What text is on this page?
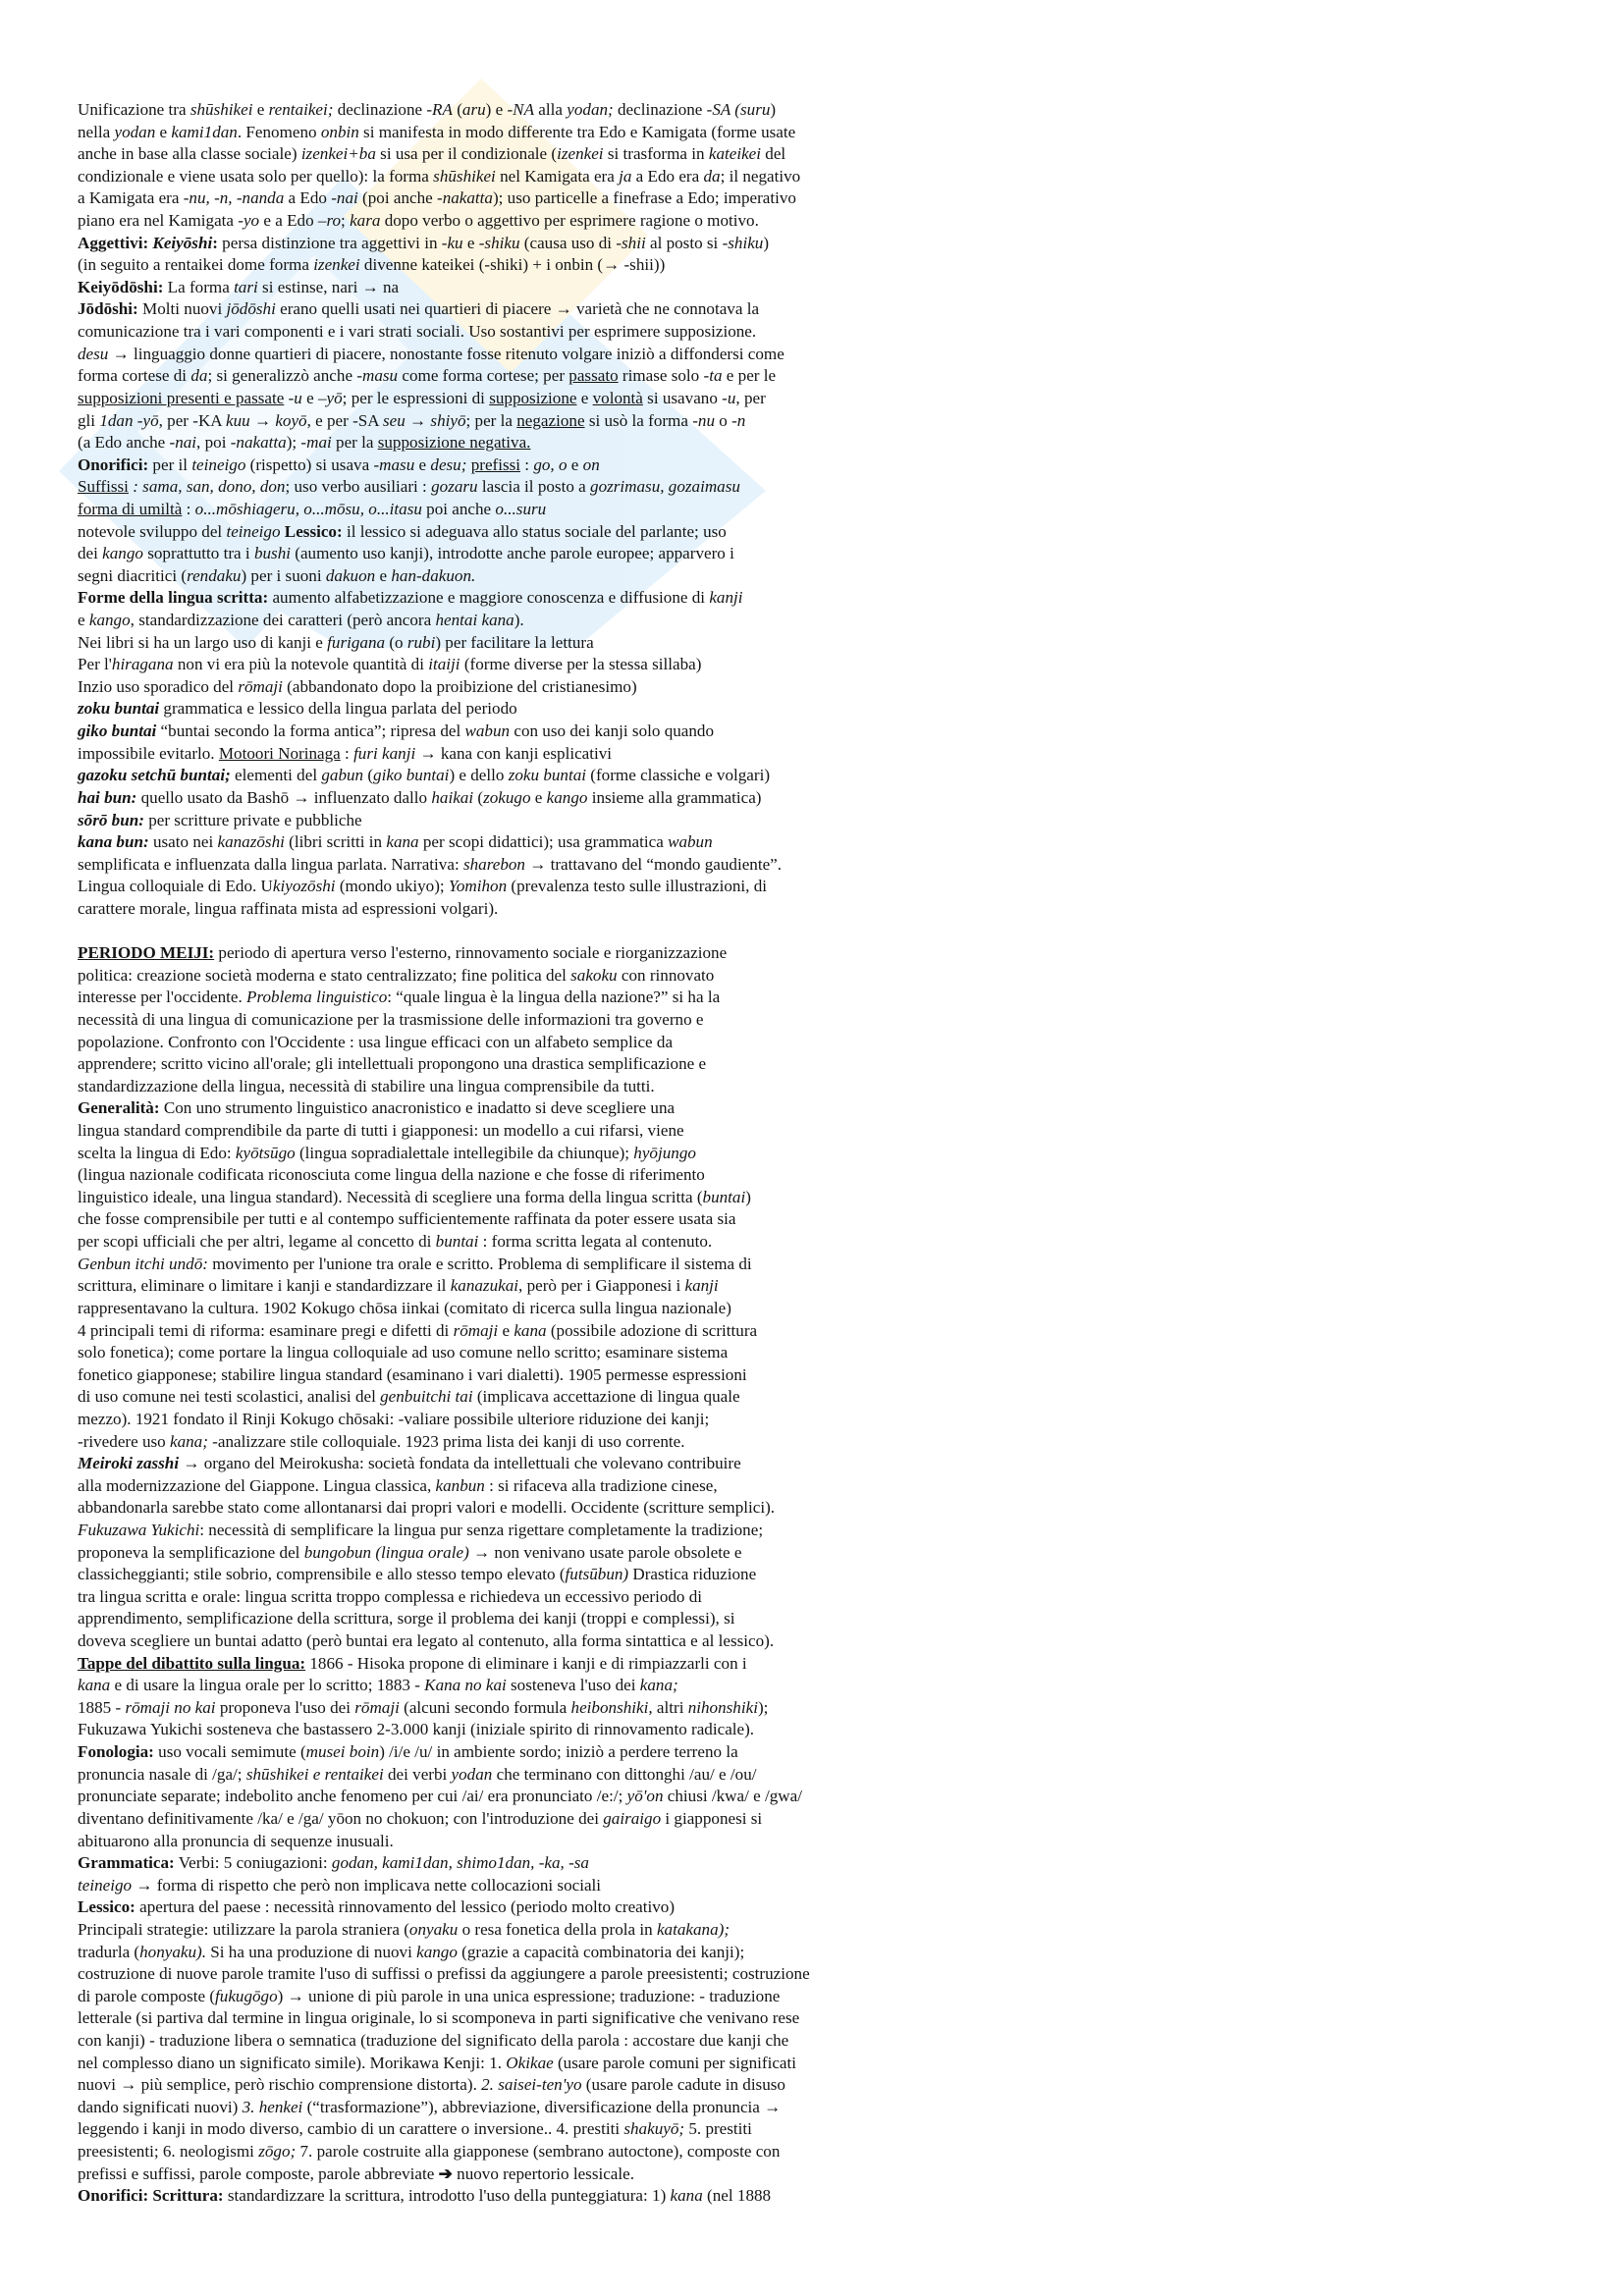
Unificazione tra shūshikei e rentaikei; declinazione -RA (aru) e -NA alla yodan; declinazione -SA (suru)
nella yodan e kami1dan. Fenomeno onbin si manifesta in modo differente tra Edo e Kamigata (forme usate
anche in base alla classe sociale) izenkei+ba si usa per il condizionale (izenkei si trasforma in kateikei del
condizionale e viene usata solo per quello): la forma shūshikei nel Kamigata era ja a Edo era da; il negativo
a Kamigata era -nu, -n, -nanda a Edo -nai (poi anche -nakatta); uso particelle a finefrase a Edo; imperativo
piano era nel Kamigata -yo e a Edo –ro; kara dopo verbo o aggettivo per esprimere ragione o motivo.
Aggettivi: Keiyōshi: persa distinzione tra aggettivi in -ku e -shiku (causa uso di -shii al posto si -shiku)
(in seguito a rentaikei dome forma izenkei divenne kateikei (-shiki) + i onbin (→ -shii))
Keiyōdōshi: La forma tari si estinse, nari → na
Jōdōshi: Molti nuovi jōdōshi erano quelli usati nei quartieri di piacere → varietà che ne connotava la
comunicazione tra i vari componenti e i vari strati sociali. Uso sostantivi per esprimere supposizione.
desu → linguaggio donne quartieri di piacere, nonostante fosse ritenuto volgare iniziò a diffondersi come
forma cortese di da; si generalizzò anche -masu come forma cortese; per passato rimase solo -ta e per le
supposizioni presenti e passate -u e –yō; per le espressioni di supposizione e volontà si usavano -u, per
gli 1dan -yō, per -KA kuu → koyō, e per -SA seu → shiyō; per la negazione si usò la forma -nu o -n
(a Edo anche -nai, poi -nakatta); -mai per la supposizione negativa.
Onorifici: per il teineigo (rispetto) si usava -masu e desu; prefissi : go, o e on
Suffissi : sama, san, dono, don; uso verbo ausiliari : gozaru lascia il posto a gozrimasu, gozaimasu
forma di umiltà : o...mōshiageru, o...mōsu, o...itasu poi anche o...suru
notevole sviluppo del teineigo Lessico: il lessico si adeguava allo status sociale del parlante; uso
dei kango soprattutto tra i bushi (aumento uso kanji), introdotte anche parole europee; apparvero i
segni diacritici (rendaku) per i suoni dakuon e han-dakuon.
Forme della lingua scritta: aumento alfabetizzazione e maggiore conoscenza e diffusione di kanji
e kango, standardizzazione dei caratteri (però ancora hentai kana).
Nei libri si ha un largo uso di kanji e furigana (o rubi) per facilitare la lettura
Per l'hiragana non vi era più la notevole quantità di itaiji (forme diverse per la stessa sillaba)
Inzio uso sporadico del rōmaji (abbandonato dopo la proibizione del cristianesimo)
zoku buntai grammatica e lessico della lingua parlata del periodo
giko buntai “buntai secondo la forma antica”; ripresa del wabun con uso dei kanji solo quando
impossibile evitarlo. Motoori Norinaga : furi kanji → kana con kanji esplicativi
gazoku setchū buntai; elementi del gabun (giko buntai) e dello zoku buntai (forme classiche e volgari)
hai bun: quello usato da Bashō → influenzato dallo haikai (zokugo e kango insieme alla grammatica)
sōrō bun: per scritture private e pubbliche
kana bun: usato nei kanazōshi (libri scritti in kana per scopi didattici); usa grammatica wabun
semplificata e influenzata dalla lingua parlata. Narrativa: sharebon → trattavano del “mondo gaudiente”.
Lingua colloquiale di Edo. Ukiyozōshi (mondo ukiyo); Yomihon (prevalenza testo sulle illustrazioni, di
carattere morale, lingua raffinata mista ad espressioni volgari).
PERIODO MEIJI: periodo di apertura verso l'esterno, rinnovamento sociale e riorganizzazione
politica: creazione società moderna e stato centralizzato; fine politica del sakoku con rinnovato
interesse per l'occidente. Problema linguistico: “quale lingua è la lingua della nazione?” si ha la
necessità di una lingua di comunicazione per la trasmissione delle informazioni tra governo e
popolazione. Confronto con l'Occidente : usa lingue efficaci con un alfabeto semplice da
apprendere; scritto vicino all'orale; gli intellettuali propongono una drastica semplificazione e
standardizzazione della lingua, necessità di stabilire una lingua comprensibile da tutti.
Generalità: Con uno strumento linguistico anacronistico e inadatto si deve scegliere una
lingua standard comprendibile da parte di tutti i giapponesi: un modello a cui rifarsi, viene
scelta la lingua di Edo: kyōtsūgo (lingua sopradialettale intellegibile da chiunque); hyōjungo
(lingua nazionale codificata riconosciuta come lingua della nazione e che fosse di riferimento
linguistico ideale, una lingua standard). Necessità di scegliere una forma della lingua scritta (buntai)
che fosse comprensibile per tutti e al contempo sufficientemente raffinata da poter essere usata sia
per scopi ufficiali che per altri, legame al concetto di buntai : forma scritta legata al contenuto.
Genbun itchi undō: movimento per l'unione tra orale e scritto. Problema di semplificare il sistema di
scrittura, eliminare o limitare i kanji e standardizzare il kanazukai, però per i Giapponesi i kanji
rappresentavano la cultura. 1902 Kokugo chōsa iinkai (comitato di ricerca sulla lingua nazionale)
4 principali temi di riforma: esaminare pregi e difetti di rōmaji e kana (possibile adozione di scrittura
solo fonetica); come portare la lingua colloquiale ad uso comune nello scritto; esaminare sistema
fonetico giapponese; stabilire lingua standard (esaminano i vari dialetti). 1905 permesse espressioni
di uso comune nei testi scolastici, analisi del genbuitchi tai (implicava accettazione di lingua quale
mezzo). 1921 fondato il Rinji Kokugo chōsaki: -valiare possibile ulteriore riduzione dei kanji;
-rivedere uso kana; -analizzare stile colloquiale. 1923 prima lista dei kanji di uso corrente.
Meiroki zasshi → organo del Meirokusha: società fondata da intellettuali che volevano contribuire
alla modernizzazione del Giappone. Lingua classica, kanbun : si rifaceva alla tradizione cinese,
abbandonarla sarebbe stato come allontanarsi dai propri valori e modelli. Occidente (scritture semplici).
Fukuzawa Yukichi: necessità di semplificare la lingua pur senza rigettare completamente la tradizione;
proponeva la semplificazione del bungobun (lingua orale) → non venivano usate parole obsolete e
classicheggianti; stile sobrio, comprensibile e allo stesso tempo elevato (futsūbun) Drastica riduzione
tra lingua scritta e orale: lingua scritta troppo complessa e richiedeva un eccessivo periodo di
apprendimento, semplificazione della scrittura, sorge il problema dei kanji (troppi e complessi), si
doveva scegliere un buntai adatto (però buntai era legato al contenuto, alla forma sintattica e al lessico).
Tappe del dibattito sulla lingua: 1866 - Hisoka propone di eliminare i kanji e di rimpiazzarli con i
kana e di usare la lingua orale per lo scritto; 1883 - Kana no kai sosteneva l'uso dei kana;
1885 - rōmaji no kai proponeva l'uso dei rōmaji (alcuni secondo formula heibonshiki, altri nihonshiki);
Fukuzawa Yukichi sosteneva che bastassero 2-3.000 kanji (iniziale spirito di rinnovamento radicale).
Fonologia: uso vocali semimute (musei boin) /i/e /u/ in ambiente sordo; iniziò a perdere terreno la
pronuncia nasale di /ga/; shūshikei e rentaikei dei verbi yodan che terminano con dittonghi /au/ e /ou/
pronunciate separate; indebolito anche fenomeno per cui /ai/ era pronunciato /e:/; yō'on chiusi /kwa/ e /gwa/
diventano definitivamente /ka/ e /ga/ yōon no chokuon; con l'introduzione dei gairaigo i giapponesi si
abituarono alla pronuncia di sequenze inusuali.
Grammatica: Verbi: 5 coniugazioni: godan, kami1dan, shimo1dan, -ka, -sa
teineigo → forma di rispetto che però non implicava nette collocazioni sociali
Lessico: apertura del paese : necessità rinnovamento del lessico (periodo molto creativo)
Principali strategie: utilizzare la parola straniera (onyaku o resa fonetica della prola in katakana);
tradurla (honyaku). Si ha una produzione di nuovi kango (grazie a capacità combinatoria dei kanji);
costruzione di nuove parole tramite l'uso di suffissi o prefissi da aggiungere a parole preesistenti; costruzione
di parole composte (fukugōgo) → unione di più parole in una unica espressione; traduzione: - traduzione
letterale (si partiva dal termine in lingua originale, lo si scomponeva in parti significative che venivano rese
con kanji) - traduzione libera o semnatica (traduzione del significato della parola : accostare due kanji che
nel complesso diano un significato simile). Morikawa Kenji: 1. Okikae (usare parole comuni per significati
nuovi → più semplice, però rischio comprensione distorta). 2. saisei-ten'yo (usare parole cadute in disuso
dando significati nuovi) 3. henkei (“trasformazione”), abbreviazione, diversificazione della pronuncia →
leggendo i kanji in modo diverso, cambio di un carattere o inversione.. 4. prestiti shakuyō; 5. prestiti
preesistenti; 6. neologismi zōgo; 7. parole costruite alla giapponese (sembrano autoctone), composte con
prefissi e suffissi, parole composte, parole abbreviate ➔ nuovo repertorio lessicale.
Onorifici: Scrittura: standardizzare la scrittura, introdotto l'uso della punteggiatura: 1) kana (nel 1888
